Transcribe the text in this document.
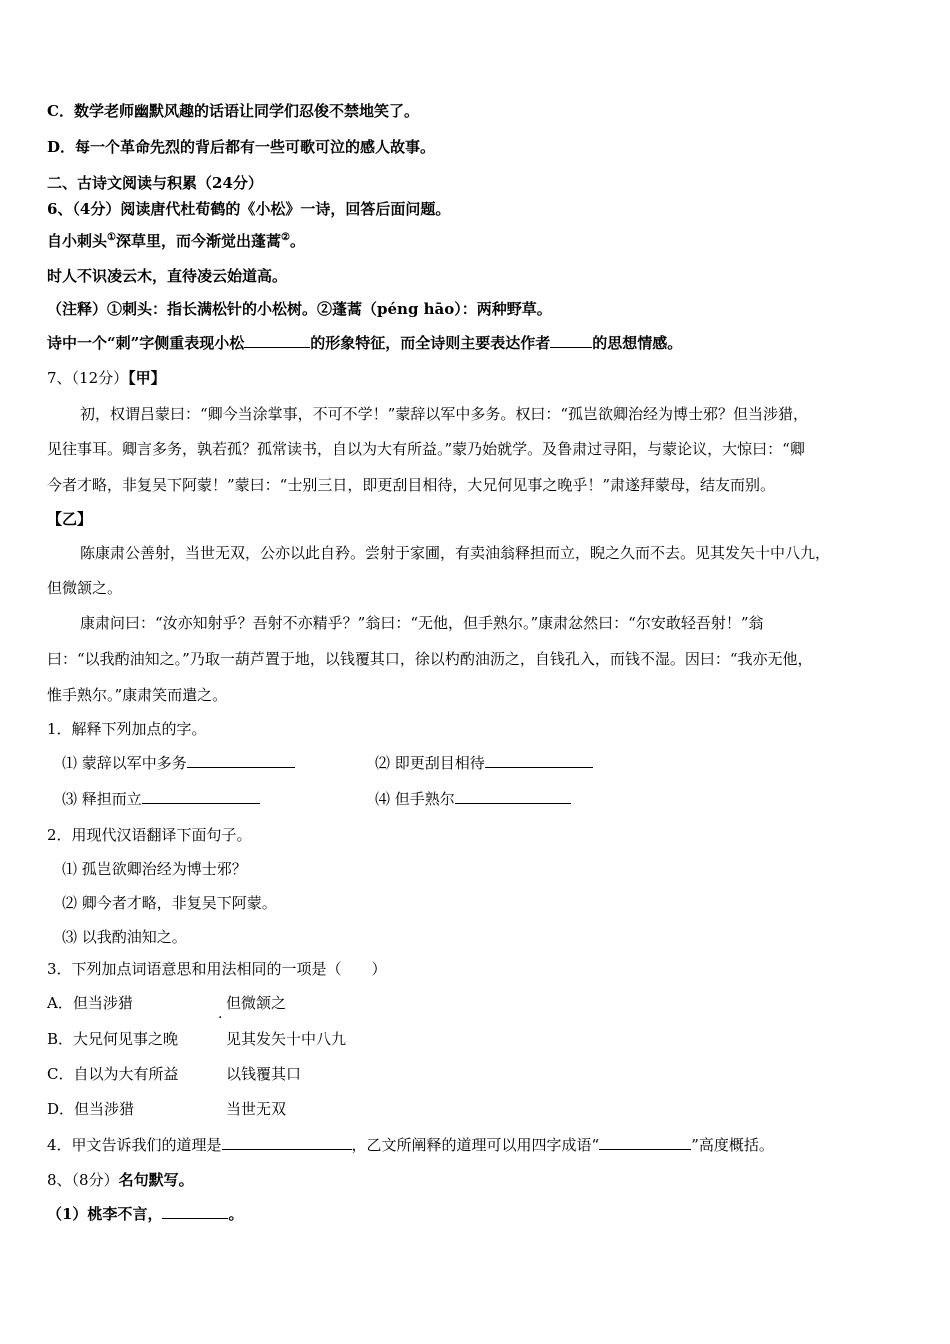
C．数学老师幽默风趣的话语让同学们忍俊不禁地笑了。
D．每一个革命先烈的背后都有一些可歌可泣的感人故事。
二、古诗文阅读与积累（24分）
6、（4分）阅读唐代杜荀鹤的《小松》一诗，回答后面问题。
自小刺头①深草里，而今渐觉出蓬蒿②。
时人不识凌云木，直待凌云始道高。
（注释）①刺头：指长满松针的小松树。②蓬蒿（péng hāo）：两种野草。
诗中一个“刺”字侧重表现小松	的形象特征，而全诗则主要表达作者	的思想情感。
7、（12分）【甲】
初，权谓吕蒙曰：“卿今当涂掌事，不可不学！”蒙辞以军中多务。权曰：“孤岂欲卿治经为博士邪？但当涉猎，
见往事耳。卿言多务，孰若孤？孤常读书，自以为大有所益。”蒙乃始就学。及鲁肃过寻阳，与蒙论议，大惊曰：“卿
今者才略，非复吴下阿蒙！”蒙曰：“士别三日，即更刮目相待，大兄何见事之晚乎！”肃遂拜蒙母，结友而别。
【乙】
陈康肃公善射，当世无双，公亦以此自矜。尝射于家圃，有卖油翁释担而立，睨之久而不去。见其发矢十中八九，
但微颔之。
康肃问曰：“汝亦知射乎？吾射不亦精乎？”翁曰：“无他，但手熟尔。”康肃忿然曰：“尔安敢轻吾射！”翁
曰：“以我酌油知之。”乃取一葫芦置于地，以钱覆其口，徐以杓酌油沥之，自钱孔入，而钱不湿。因曰：“我亦无他，
惟手熟尔。”康肃笑而遣之。
1．解释下列加点的字。
⑴ 蒙辞以军中多务	⑵ 即更刮目相待
⑶ 释担而立	⑷ 但手熟尔
2．用现代汉语翻译下面句子。
⑴ 孤岂欲卿治经为博士邪？
⑵ 卿今者才略，非复吴下阿蒙。
⑶ 以我酌油知之。
3．下列加点词语意思和用法相同的一项是（　　）
A．但当涉猎	但微颔之
.
B．大兄何见事之晚	见其发矢十中八九
C．自以为大有所益	以钱覆其口
D．但当涉猎	当世无双
4．甲文告诉我们的道理是	，乙文所阐释的道理可以用四字成语“	”高度概括。
8、（8分）名句默写。
（1）桃李不言，	。
